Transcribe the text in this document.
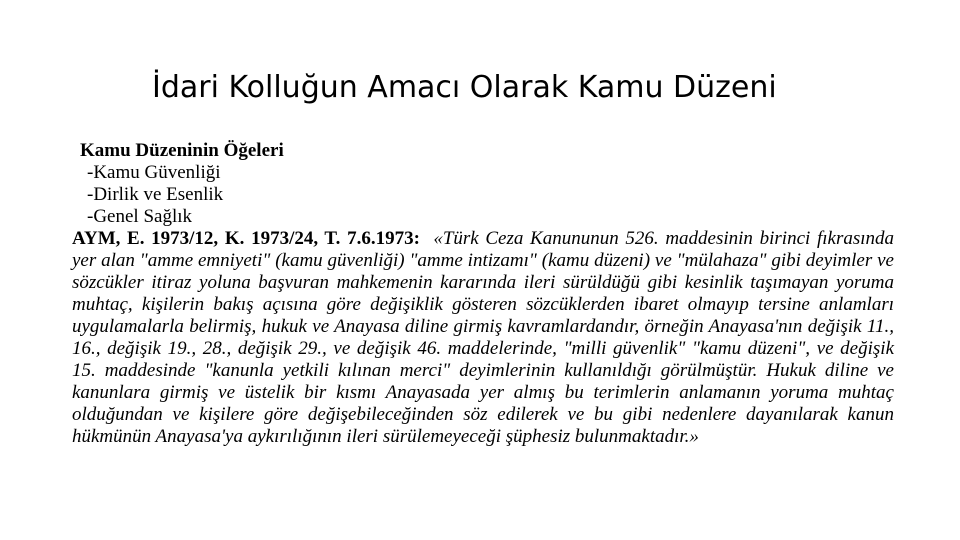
İdari Kolluğun Amacı Olarak Kamu Düzeni

Kamu Düzeninin Öğeleri

-Kamu Güvenliği
-Dirlik ve Esenlik
-Genel Sağlık

AYM, E. 1973/12, K. 1973/24, T. 7.6.1973: «Türk Ceza Kanununun 526. maddesinin birinci fıkrasında yer alan "amme emniyeti" (kamu güvenliği) "amme intizamı" (kamu düzeni) ve "mülahaza" gibi deyimler ve sözcükler itiraz yoluna başvuran mahkemenin kararında ileri sürüldüğü gibi kesinlik taşımayan yoruma muhtaç, kişilerin bakış açısına göre değişiklik gösteren sözcüklerden ibaret olmayıp tersine anlamları uygulamalarla belirmiş, hukuk ve Anayasa diline girmiş kavramlardandır, örneğin Anayasa'nın değişik 11., 16., değişik 19., 28., değişik 29., ve değişik 46. maddelerinde, "milli güvenlik" "kamu düzeni", ve değişik 15. maddesinde "kanunla yetkili kılınan merci" deyimlerinin kullanıldığı görülmüştür. Hukuk diline ve kanunlara girmiş ve üstelik bir kısmı Anayasada yer almış bu terimlerin anlamanın yoruma muhtaç olduğundan ve kişilere göre değişebileceğinden söz edilerek ve bu gibi nedenlere dayanılarak kanun hükmünün Anayasa'ya aykırılığının ileri sürülemeyeceği şüphesiz bulunmaktadır.»
